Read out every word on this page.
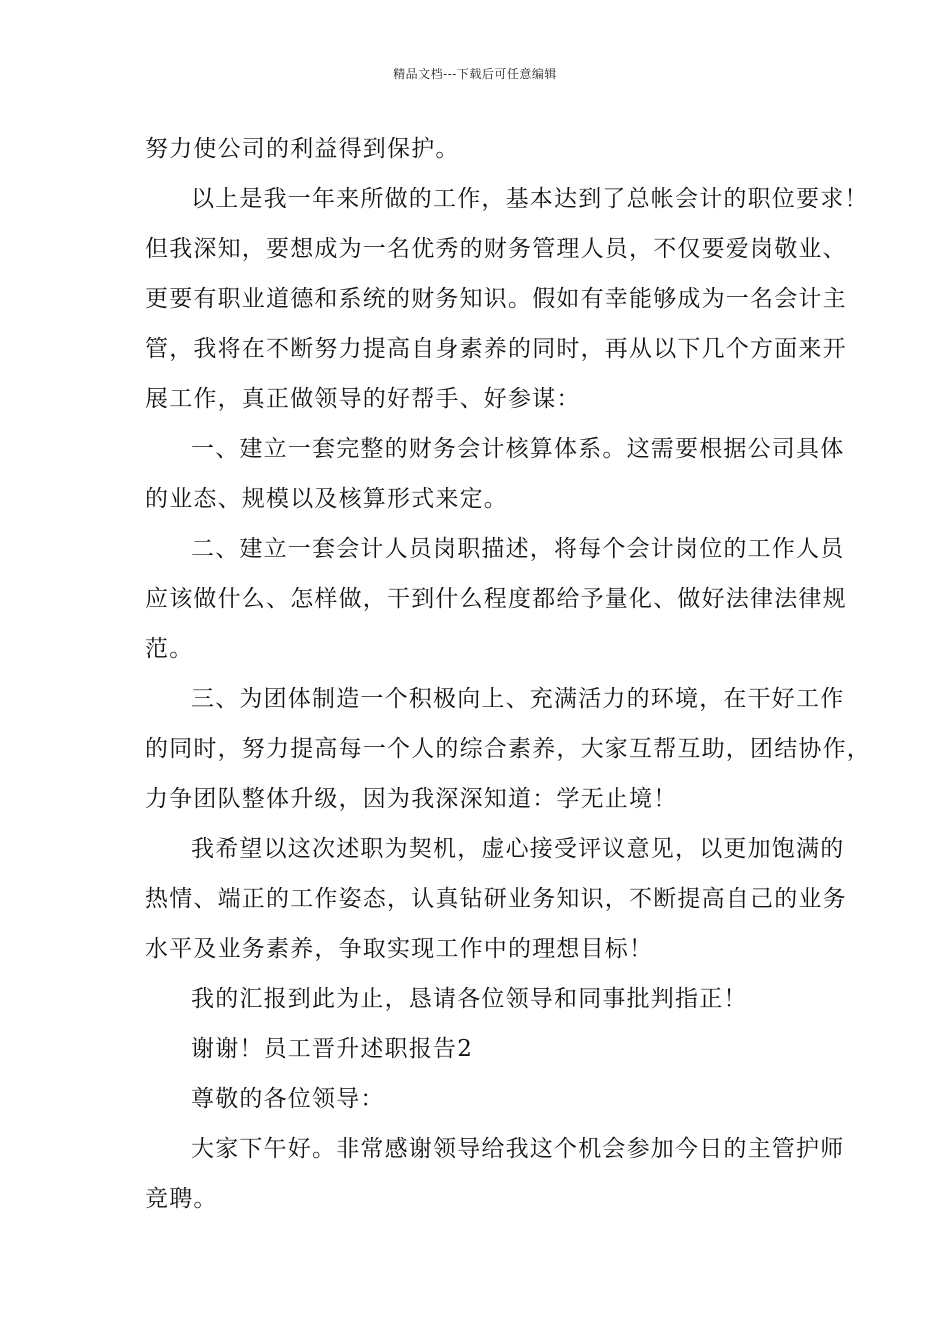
精品文档---下载后可任意编辑
努力使公司的利益得到保护。
以上是我一年来所做的工作，基本达到了总帐会计的职位要求！
但我深知，要想成为一名优秀的财务管理人员，不仅要爱岗敬业、
更要有职业道德和系统的财务知识。假如有幸能够成为一名会计主
管，我将在不断努力提高自身素养的同时，再从以下几个方面来开
展工作，真正做领导的好帮手、好参谋：
一、建立一套完整的财务会计核算体系。这需要根据公司具体
的业态、规模以及核算形式来定。
二、建立一套会计人员岗职描述，将每个会计岗位的工作人员
应该做什么、怎样做，干到什么程度都给予量化、做好法律法律规
范。
三、为团体制造一个积极向上、充满活力的环境，在干好工作
的同时，努力提高每一个人的综合素养，大家互帮互助，团结协作，
力争团队整体升级，因为我深深知道：学无止境！
我希望以这次述职为契机，虚心接受评议意见，以更加饱满的
热情、端正的工作姿态，认真钻研业务知识，不断提高自己的业务
水平及业务素养，争取实现工作中的理想目标！
我的汇报到此为止，恳请各位领导和同事批判指正！
谢谢！员工晋升述职报告2
尊敬的各位领导：
大家下午好。非常感谢领导给我这个机会参加今日的主管护师
竞聘。
